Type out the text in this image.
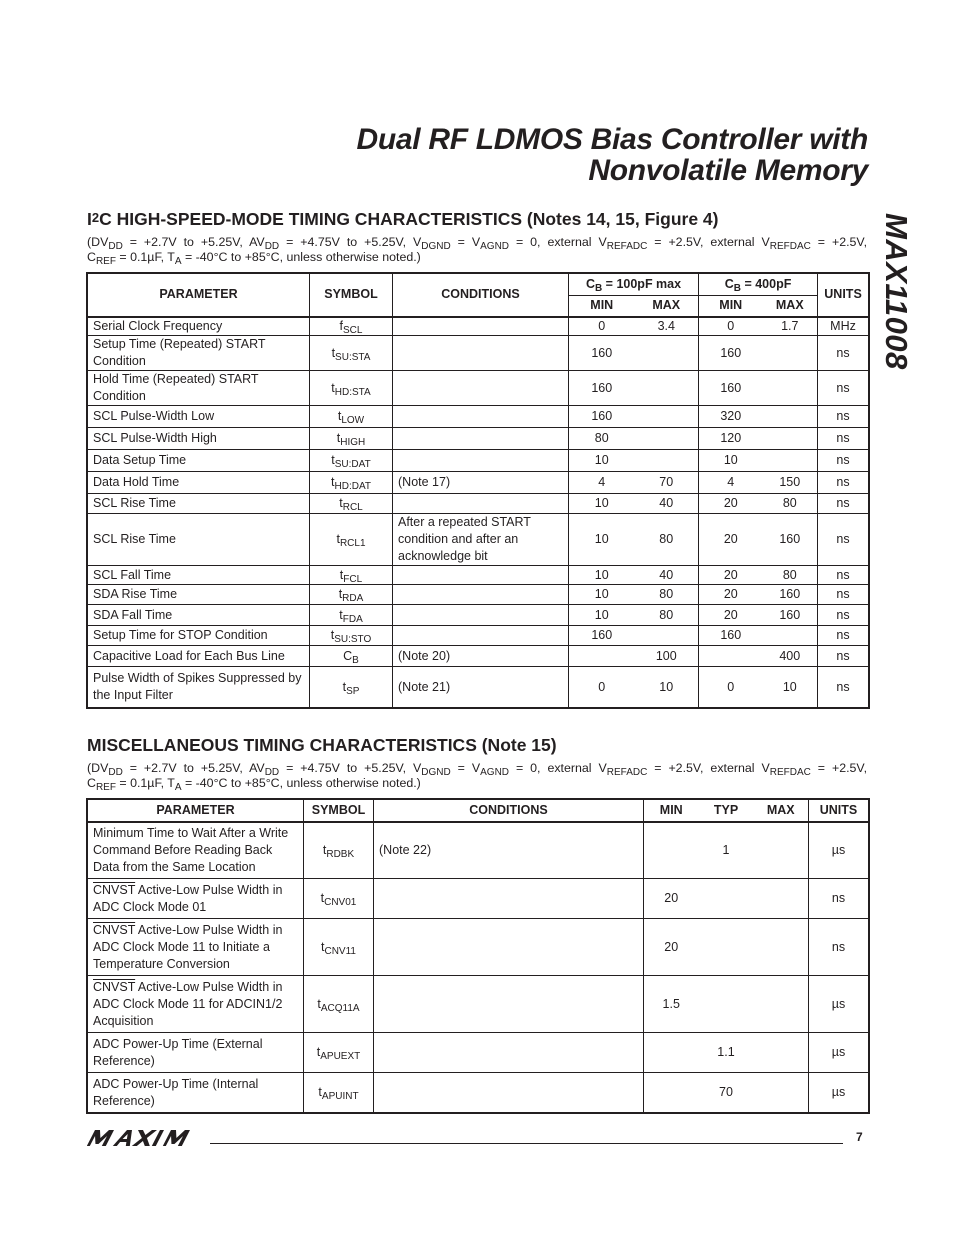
Dual RF LDMOS Bias Controller with
Nonvolatile Memory
MAX11008
$I^2C$ HIGH-SPEED-MODE TIMING CHARACTERISTICS (Notes 14, 15, Figure 4)
($DV_{DD} = +2.7V$ to +5.25V, $AV_{DD} = +4.75V$ to +5.25V, $V_{DGND} = V_{AGND} = 0$, external $V_{REFADC} = +2.5V$, external $V_{REFDAC} = +2.5V$,
$C_{REF} = 0.1\mu F$, $T_A = -40^\circ C$ to +85°C, unless otherwise noted.)
PARAMETER	SYMBOL	CONDITIONS	$C_B = 100pF$ max		$C_B = 400pF$		UNITS
			MIN	MAX	MIN	MAX	
Serial Clock Frequency	$f_{SCL}$		0	3.4	0	1.7	MHz
Setup Time (Repeated) START Condition	$t_{SU:STA}$		160		160		ns
Hold Time (Repeated) START Condition	$t_{HD:STA}$		160		160		ns
SCL Pulse-Width Low	$t_{LOW}$		160		320		ns
SCL Pulse-Width High	$t_{HIGH}$		80		120		ns
Data Setup Time	$t_{SU:DAT}$		10		10		ns
Data Hold Time	$t_{HD:DAT}$	(Note 17)	4	70	4	150	ns
SCL Rise Time	$t_{RCL}$		10	40	20	80	ns
SCL Rise Time	$t_{RCL1}$	After a repeated START condition and after an acknowledge bit	10	80	20	160	ns
SCL Fall Time	$t_{FCL}$		10	40	20	80	ns
SDA Rise Time	$t_{RDA}$		10	80	20	160	ns
SDA Fall Time	$t_{FDA}$		10	80	20	160	ns
Setup Time for STOP Condition	$t_{SU:STO}$		160		160		ns
Capacitive Load for Each Bus Line	$C_B$	(Note 20)		100		400	ns
Pulse Width of Spikes Suppressed by the Input Filter	$t_{SP}$	(Note 21)	0	10	0	10	ns
MISCELLANEOUS TIMING CHARACTERISTICS (Note 15)
($DV_{DD} = +2.7V$ to +5.25V, $AV_{DD} = +4.75V$ to +5.25V, $V_{DGND} = V_{AGND} = 0$, external $V_{REFADC} = +2.5V$, external $V_{REFDAC} = +2.5V$,
$C_{REF} = 0.1\mu F$, $T_A = -40^\circ C$ to +85°C, unless otherwise noted.)
PARAMETER	SYMBOL	CONDITIONS	MIN	TYP	MAX	UNITS
Minimum Time to Wait After a Write Command Before Reading Back Data from the Same Location	$t_{RDBK}$	(Note 22)		1		µs
CNVST Active-Low Pulse Width in ADC Clock Mode 01	$t_{CNV01}$		20			ns
CNVST Active-Low Pulse Width in ADC Clock Mode 11 to Initiate a Temperature Conversion	$t_{CNV11}$		20			ns
CNVST Active-Low Pulse Width in ADC Clock Mode 11 for ADCIN1/2 Acquisition	$t_{ACQ11A}$		1.5			µs
ADC Power-Up Time (External Reference)	$t_{APUEXT}$			1.1		µs
ADC Power-Up Time (Internal Reference)	$t_{APUINT}$			70		µs
7
